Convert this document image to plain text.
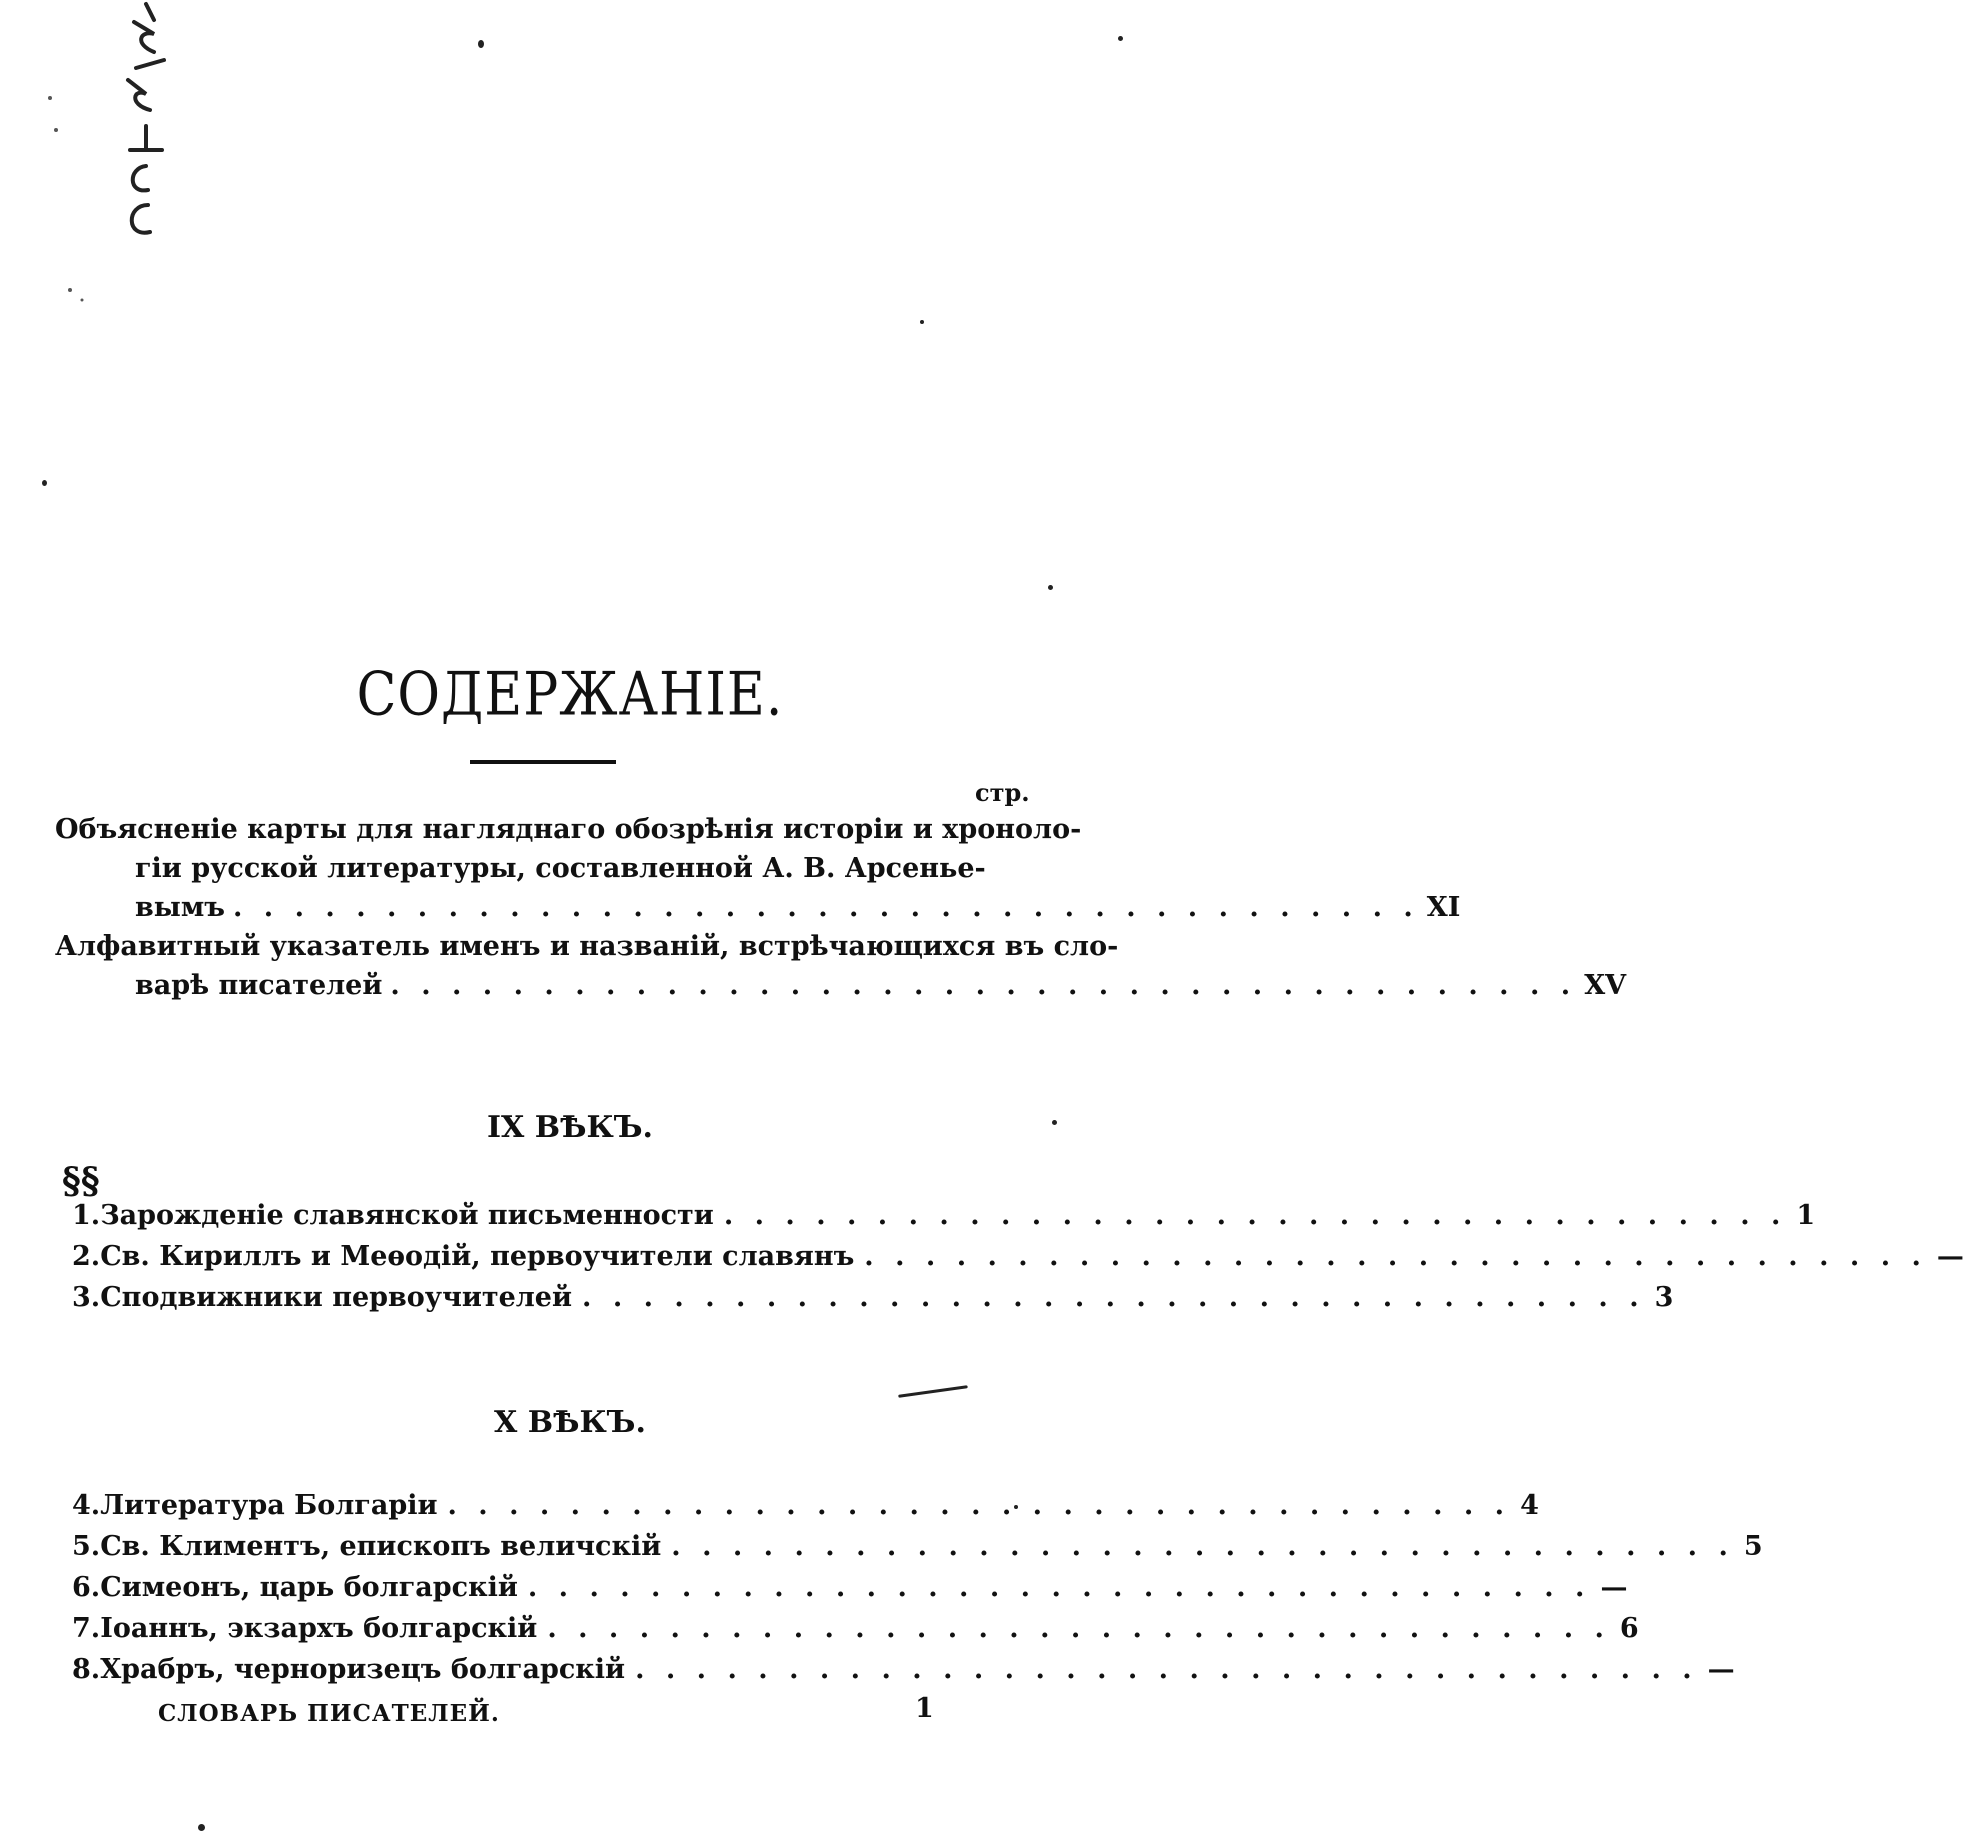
СОДЕРЖАНІЕ.
стр.
Объясненіе карты для нагляднаго обозрѣнія исторіи и хроноло-
гіи русской литературы, составленной А. В. Арсенье-
вымъ . . . . . . . . . . . . . . . . . . . . . . . . . . . . . . . . . . . . . . . XI
Алфавитный указатель именъ и названій, встрѣчающихся въ сло-
варѣ писателей . . . . . . . . . . . . . . . . . . . . . . . . . . . . . . . . . . . . . . . XV
IX ВѢКЪ.
§§
1. Зарожденіе славянской письменности . . . . . . . . . . . . . . . . . . . . . . . . . . . . . . . . . . . 1
2. Св. Кириллъ и Меѳодій, первоучители славянъ . . . . . . . . . . . . . . . . . . . . . . . . . . . . . . . . . . . —
3. Сподвижники первоучителей . . . . . . . . . . . . . . . . . . . . . . . . . . . . . . . . . . . 3
X ВѢКЪ.
4. Литература Болгаріи . . . . . . . . . . . . . . . . . . . . . . . . . . . . . . . . . . . 4
5. Св. Климентъ, епископъ величскій . . . . . . . . . . . . . . . . . . . . . . . . . . . . . . . . . . . 5
6. Симеонъ, царь болгарскій . . . . . . . . . . . . . . . . . . . . . . . . . . . . . . . . . . . —
7. Іоаннъ, экзархъ болгарскій . . . . . . . . . . . . . . . . . . . . . . . . . . . . . . . . . . . 6
8. Храбръ, черноризецъ болгарскій . . . . . . . . . . . . . . . . . . . . . . . . . . . . . . . . . . . —
СЛОВАРЬ ПИСАТЕЛЕЙ.	1
